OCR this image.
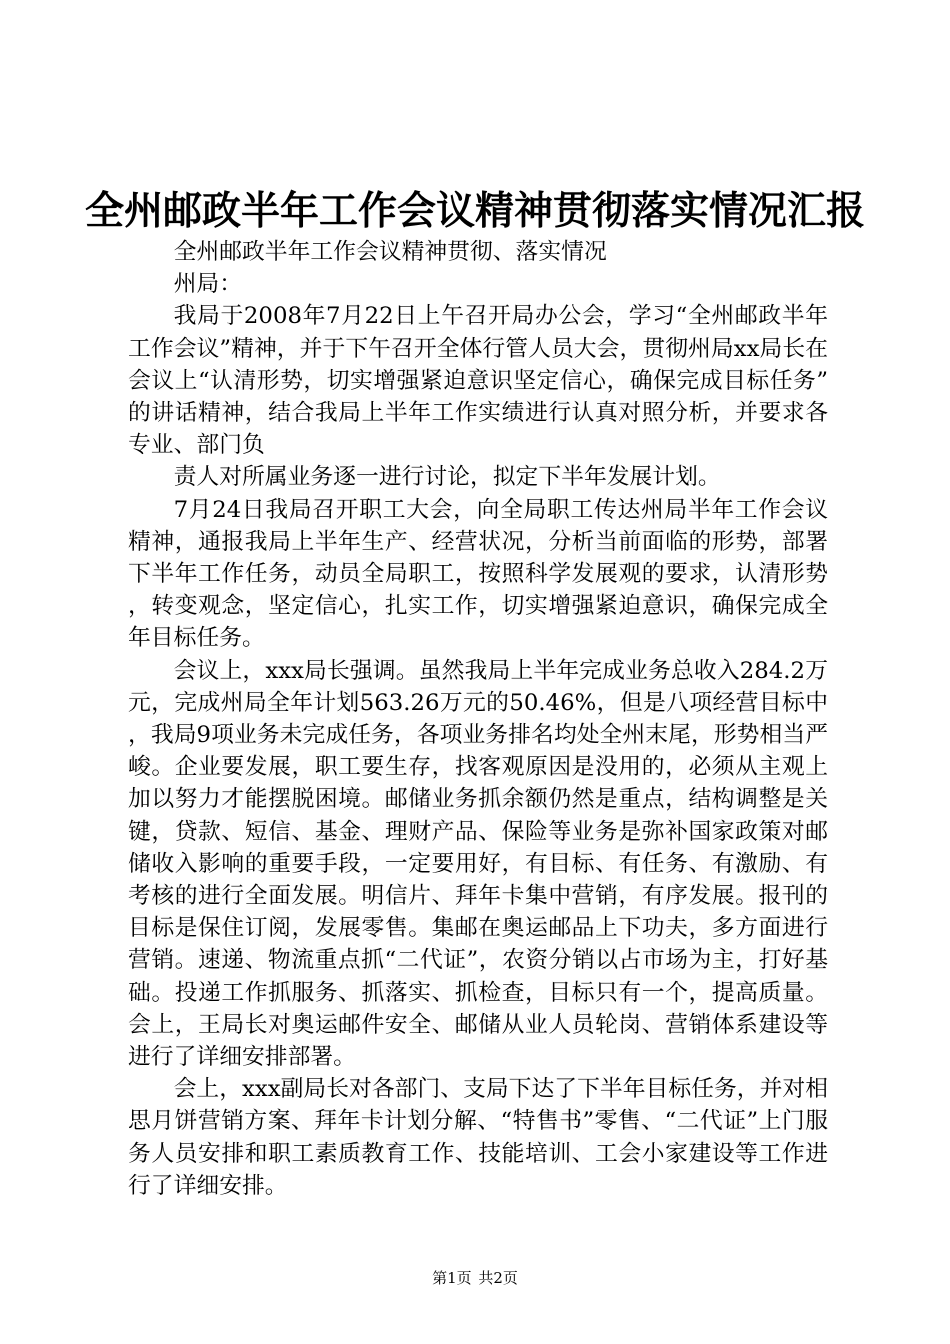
全州邮政半年工作会议精神贯彻落实情况汇报

全州邮政半年工作会议精神贯彻、落实情况

州局：

我局于2008年7月22日上午召开局办公会，学习“全州邮政半年工作会议”精神，并于下午召开全体行管人员大会，贯彻州局xx局长在会议上“认清形势，切实增强紧迫意识坚定信心，确保完成目标任务”的讲话精神，结合我局上半年工作实绩进行认真对照分析，并要求各专业、部门负

责人对所属业务逐一进行讨论，拟定下半年发展计划。

7月24日我局召开职工大会，向全局职工传达州局半年工作会议精神，通报我局上半年生产、经营状况，分析当前面临的形势，部署下半年工作任务，动员全局职工，按照科学发展观的要求，认清形势，转变观念，坚定信心，扎实工作，切实增强紧迫意识，确保完成全年目标任务。

会议上，xxx局长强调。虽然我局上半年完成业务总收入284.2万元，完成州局全年计划563.26万元的50.46%，但是八项经营目标中，我局9项业务未完成任务，各项业务排名均处全州末尾，形势相当严峻。企业要发展，职工要生存，找客观原因是没用的，必须从主观上加以努力才能摆脱困境。邮储业务抓余额仍然是重点，结构调整是关键，贷款、短信、基金、理财产品、保险等业务是弥补国家政策对邮储收入影响的重要手段，一定要用好，有目标、有任务、有激励、有考核的进行全面发展。明信片、拜年卡集中营销，有序发展。报刊的目标是保住订阅，发展零售。集邮在奥运邮品上下功夫，多方面进行营销。速递、物流重点抓“二代证”，农资分销以占市场为主，打好基础。投递工作抓服务、抓落实、抓检查，目标只有一个，提高质量。会上，王局长对奥运邮件安全、邮储从业人员轮岗、营销体系建设等进行了详细安排部署。

会上，xxx副局长对各部门、支局下达了下半年目标任务，并对相思月饼营销方案、拜年卡计划分解、“特售书”零售、“二代证”上门服务人员安排和职工素质教育工作、技能培训、工会小家建设等工作进行了详细安排。

第1页 共2页
